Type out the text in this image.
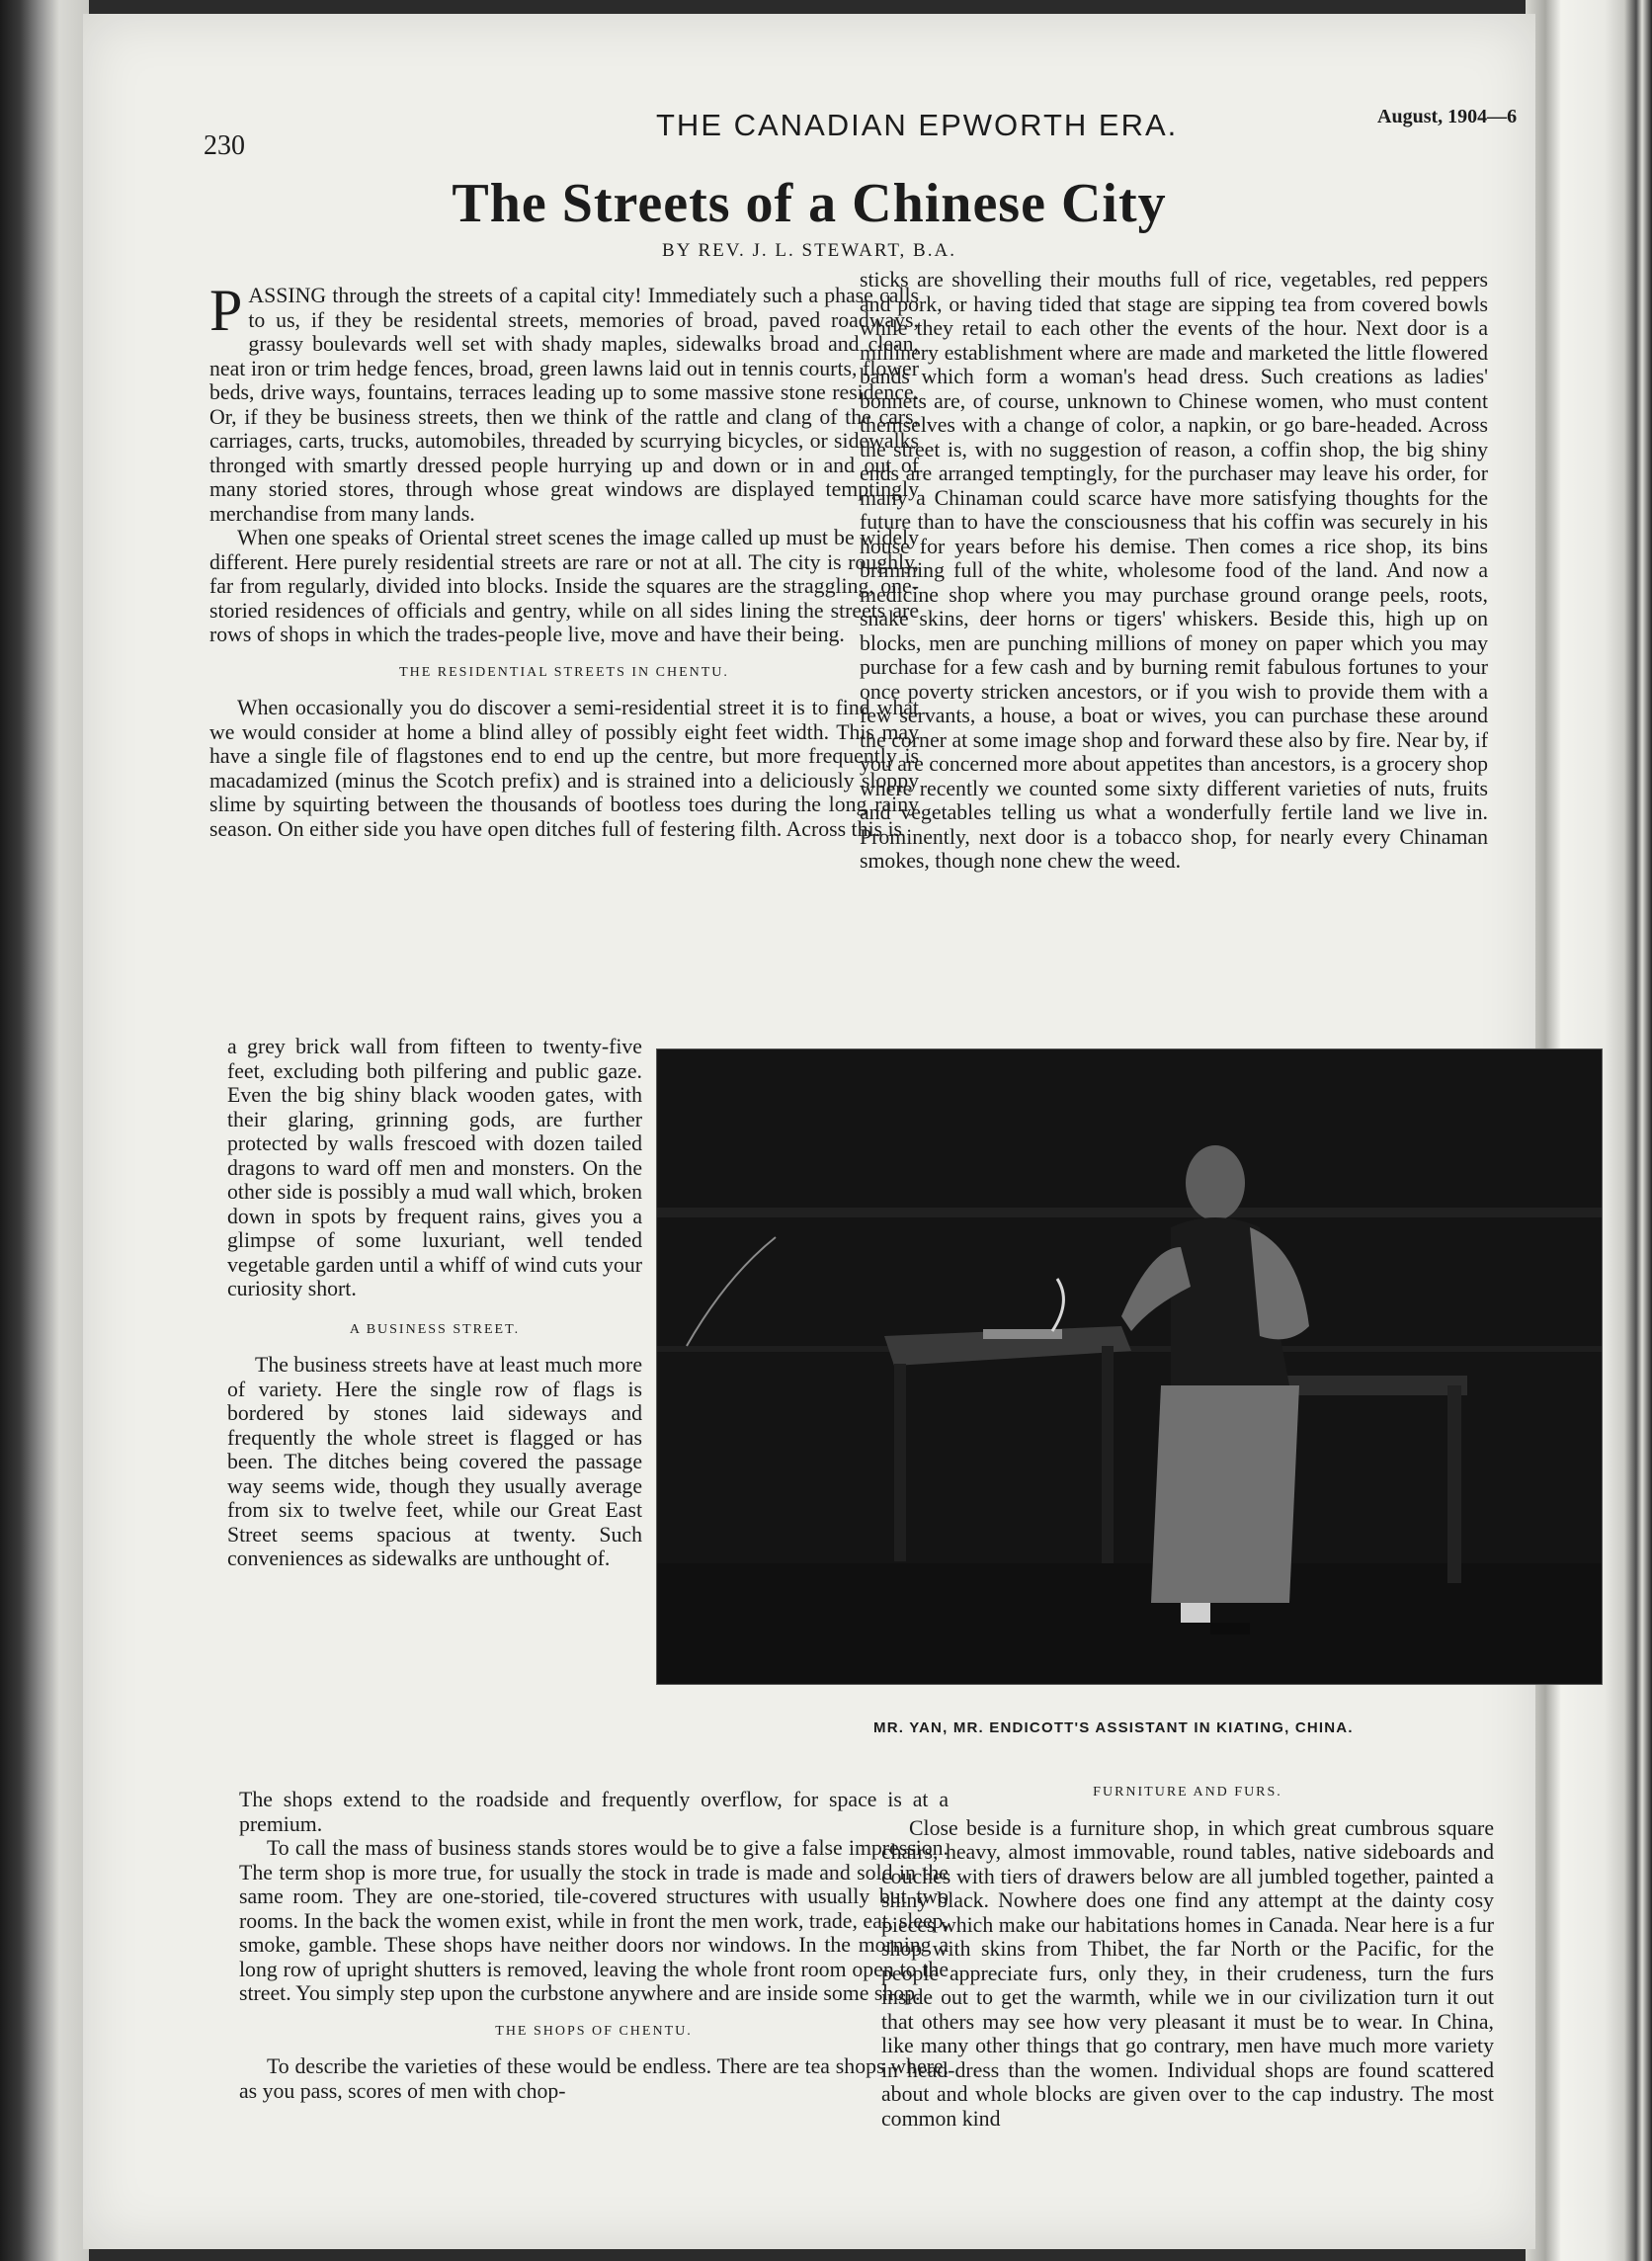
230
THE CANADIAN EPWORTH ERA.	August, 1904—6
The Streets of a Chinese City
BY REV. J. L. STEWART, B.A.

PASSING through the streets of a capital city! Immediately such a phase calls to us, if they be residental streets, memories of broad, paved roadways, grassy boulevards well set with shady maples, sidewalks broad and clean, neat iron or trim hedge fences, broad, green lawns laid out in tennis courts, flower beds, drive ways, fountains, terraces leading up to some massive stone residence. Or, if they be business streets, then we think of the rattle and clang of the cars, carriages, carts, trucks, automobiles, threaded by scurrying bicycles, or sidewalks thronged with smartly dressed people hurrying up and down or in and out of many storied stores, through whose great windows are displayed temptingly merchandise from many lands.

When one speaks of Oriental street scenes the image called up must be widely different. Here purely residential streets are rare or not at all. The city is roughly, far from regularly, divided into blocks. Inside the squares are the straggling, one-storied residences of officials and gentry, while on all sides lining the streets are rows of shops in which the trades-people live, move and have their being.

THE RESIDENTIAL STREETS IN CHENTU.

When occasionally you do discover a semi-residential street it is to find what we would consider at home a blind alley of possibly eight feet width. This may have a single file of flagstones end to end up the centre, but more frequently is macadamized (minus the Scotch prefix) and is strained into a deliciously sloppy slime by squirting between the thousands of bootless toes during the long rainy season. On either side you have open ditches full of festering filth. Across this is

a grey brick wall from fifteen to twenty-five feet, excluding both pilfering and public gaze. Even the big shiny black wooden gates, with their glaring, grinning gods, are further protected by walls frescoed with dozen tailed dragons to ward off men and monsters. On the other side is possibly a mud wall which, broken down in spots by frequent rains, gives you a glimpse of some luxuriant, well tended vegetable garden until a whiff of wind cuts your curiosity short.

A BUSINESS STREET.

The business streets have at least much more of variety. Here the single row of flags is bordered by stones laid sideways and frequently the whole street is flagged or has been. The ditches being covered the passage way seems wide, though they usually average from six to twelve feet, while our Great East Street seems spacious at twenty. Such conveniences as sidewalks are unthought of.

The shops extend to the roadside and frequently overflow, for space is at a premium.

To call the mass of business stands stores would be to give a false impression. The term shop is more true, for usually the stock in trade is made and sold in the same room. They are one-storied, tile-covered structures with usually but two rooms. In the back the women exist, while in front the men work, trade, eat, sleep, smoke, gamble. These shops have neither doors nor windows. In the morning a long row of upright shutters is removed, leaving the whole front room open to the street. You simply step upon the curbstone anywhere and are inside some shop.

THE SHOPS OF CHENTU.

To describe the varieties of these would be endless. There are tea shops where, as you pass, scores of men with chop-

sticks are shovelling their mouths full of rice, vegetables, red peppers and pork, or having tided that stage are sipping tea from covered bowls while they retail to each other the events of the hour. Next door is a millinery establishment where are made and marketed the little flowered bands which form a woman's head dress. Such creations as ladies' bonnets are, of course, unknown to Chinese women, who must content themselves with a change of color, a napkin, or go bare-headed. Across the street is, with no suggestion of reason, a coffin shop, the big shiny ends are arranged temptingly, for the purchaser may leave his order, for many a Chinaman could scarce have more satisfying thoughts for the future than to have the consciousness that his coffin was securely in his house for years before his demise. Then comes a rice shop, its bins brimming full of the white, wholesome food of the land. And now a medicine shop where you may purchase ground orange peels, roots, snake skins, deer horns or tigers' whiskers. Beside this, high up on blocks, men are punching millions of money on paper which you may purchase for a few cash and by burning remit fabulous fortunes to your once poverty stricken ancestors, or if you wish to provide them with a few servants, a house, a boat or wives, you can purchase these around the corner at some image shop and forward these also by fire. Near by, if you are concerned more about appetites than ancestors, is a grocery shop where recently we counted some sixty different varieties of nuts, fruits and vegetables telling us what a wonderfully fertile land we live in. Prominently, next door is a tobacco shop, for nearly every Chinaman smokes, though none chew the weed.

MR. YAN, MR. ENDICOTT'S ASSISTANT IN KIATING, CHINA.
FURNITURE AND FURS.

Close beside is a furniture shop, in which great cumbrous square chairs, heavy, almost immovable, round tables, native sideboards and couches with tiers of drawers below are all jumbled together, painted a shiny black. Nowhere does one find any attempt at the dainty cosy pieces which make our habitations homes in Canada. Near here is a fur shop with skins from Thibet, the far North or the Pacific, for the people appreciate furs, only they, in their crudeness, turn the furs inside out to get the warmth, while we in our civilization turn it out that others may see how very pleasant it must be to wear. In China, like many other things that go contrary, men have much more variety in head-dress than the women. Individual shops are found scattered about and whole blocks are given over to the cap industry. The most common kind
